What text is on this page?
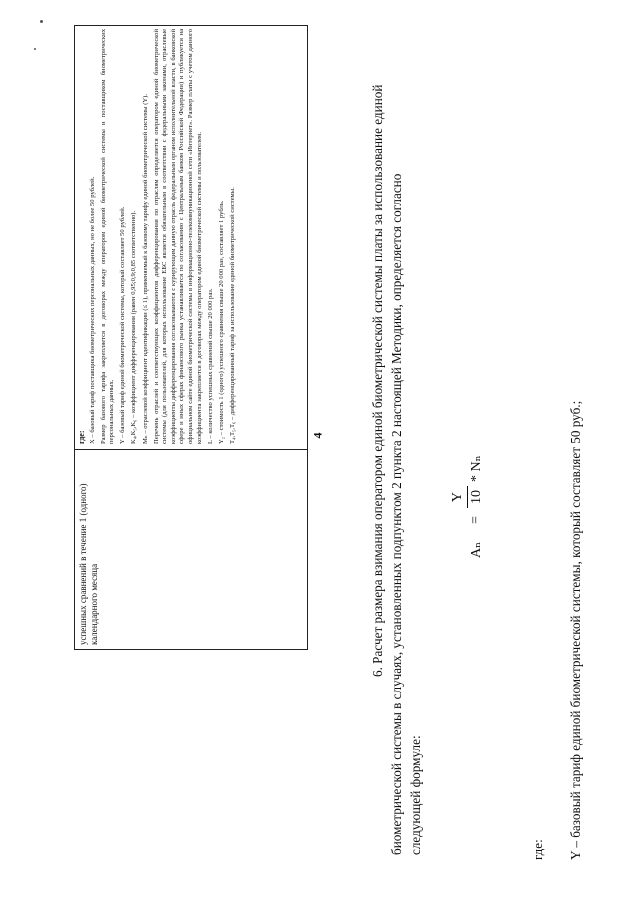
4
успешных сравнений в течение 1 (одного) календарного месяца

где: X – базовый тариф поставщика биометрических персональных данных, но не более 50 рублей. Размер базового тарифа закрепляется в договорах между оператором единой биометрической системы и поставщиком биометрических персональных данных. Y – базовый тариф единой биометрической системы, который составляет 50 рублей. K₄,K₅,K₆ – коэффициент дифференцирования (равен 0,95;0,9;0,85 соответственно). Mₙ – отраслевой коэффициент идентификации (≤ 1), применяемый к базовому тарифу единой биометрической системы (Y). Перечень отраслей и соответствующих коэффициентов дифференцирования по отраслям определяется оператором единой биометрической системы (для пользователей, для которых использование ЕБС является обязательным в соответствии с федеральными законами, отраслевые коэффициенты дифференцирования согласовываются с курирующим данную отрасль федеральным органом исполнительной власти, в банковской сфере и иных сферах финансового рынка устанавливается по согласованию с Центральным банком Российской Федерации) и публикуется на официальном сайте единой биометрической системы в информационно-телекоммуникационной сети «Интернет». Размер платы с учетом данного коэффициента закрепляется в договорах между оператором единой биометрической системы и пользователем. L – количество успешных сравнений свыше 20 000 раз. Y₂ – стоимость 1 (одного) успешного сравнения свыше 20 000 раз, составляет 1 рубль. T₄,T₅,T₆ – дифференцированный тариф за использование единой биометрической системы.	6. Расчет размера взимания оператором единой биометрической системы платы за использование единой биометрической системы в случаях, установленных подпунктом 2 пункта 2 настоящей Методики, определяется согласно следующей формуле:
Aₙ
=
Y 10
* Nₙ
где: Y – базовый тариф единой биометрической системы, который составляет 50 руб.;
